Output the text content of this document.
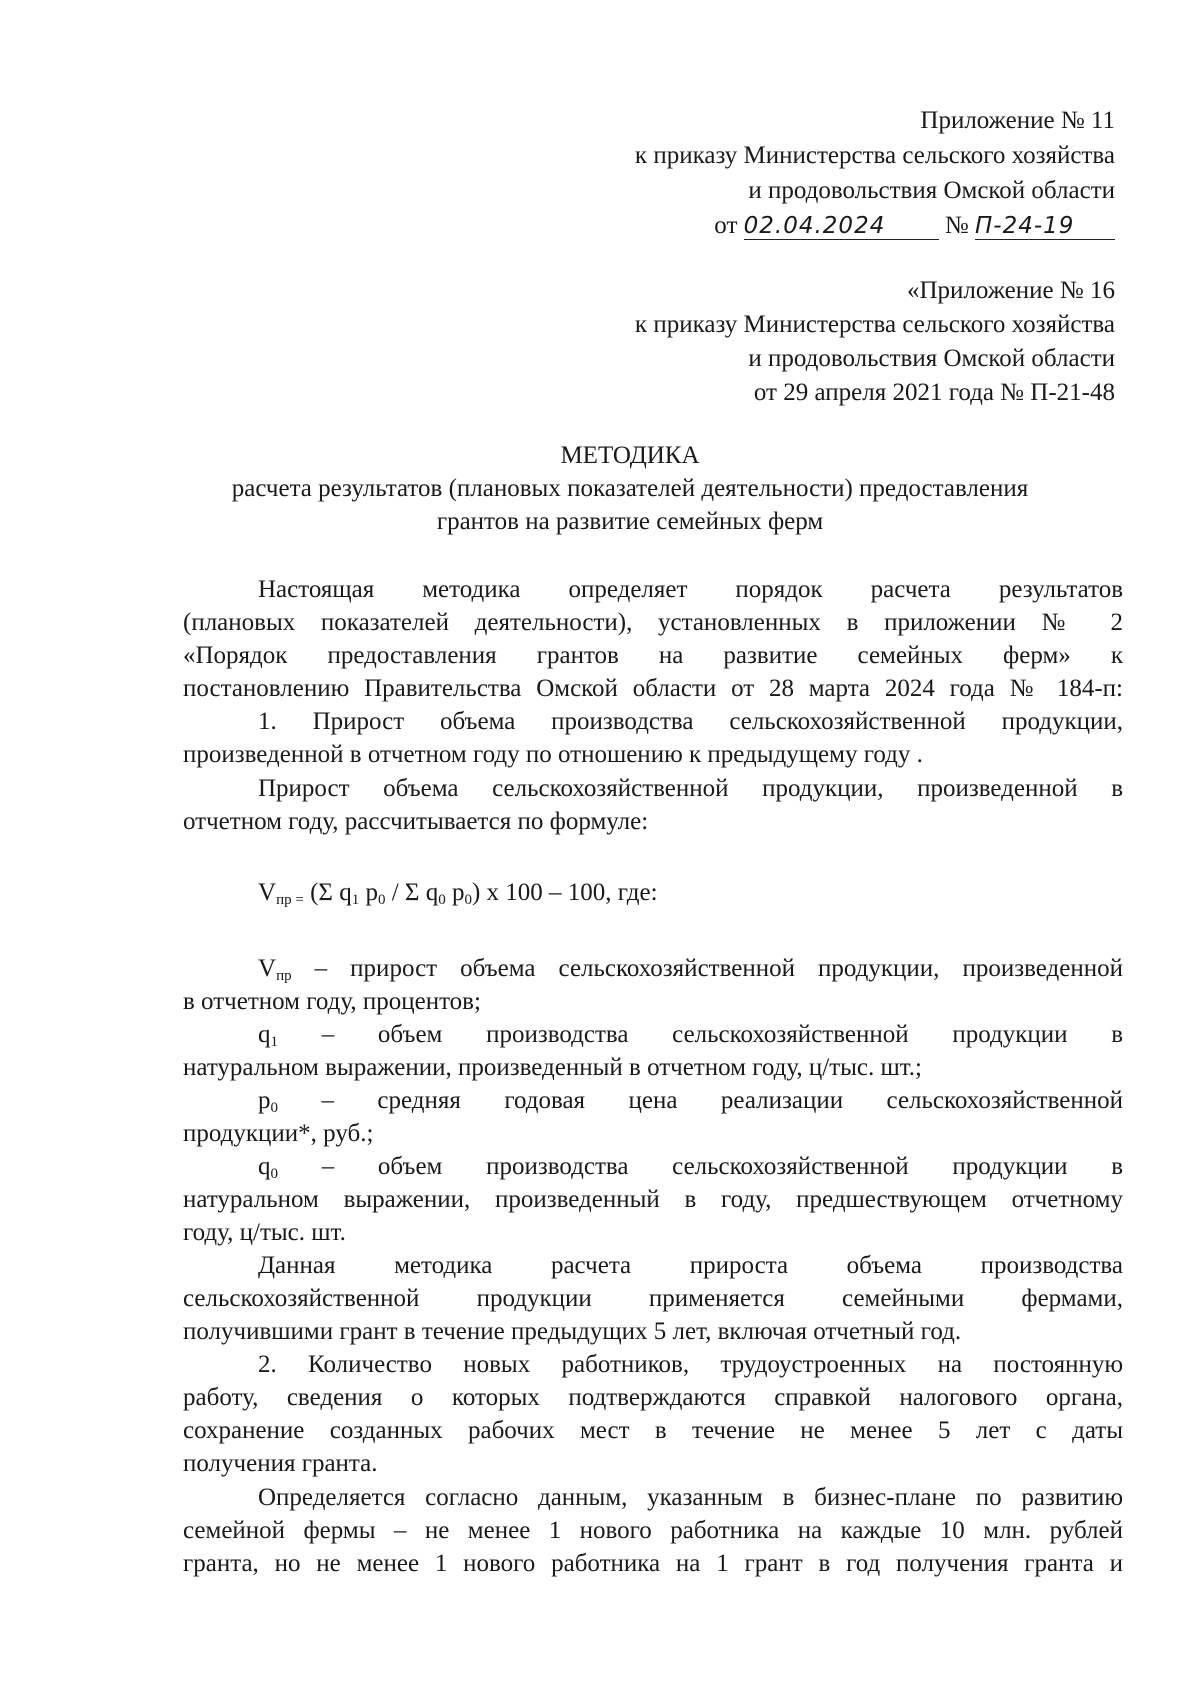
Приложение № 11
к приказу Министерства сельского хозяйства
и продовольствия Омской области
от 02.04.2024 № П-24-19
«Приложение № 16
к приказу Министерства сельского хозяйства
и продовольствия Омской области
от 29 апреля 2021 года № П-21-48
МЕТОДИКА
расчета результатов (плановых показателей деятельности) предоставления
грантов на развитие семейных ферм
Настоящая методика определяет порядок расчета результатов
(плановых показателей деятельности), установленных в приложении № 2
«Порядок предоставления грантов на развитие семейных ферм» к
постановлению Правительства Омской области от 28 марта 2024 года № 184-п:
1. Прирост объема производства сельскохозяйственной продукции,
произведенной в отчетном году по отношению к предыдущему году .
Прирост объема сельскохозяйственной продукции, произведенной в
отчетном году, рассчитывается по формуле:
$V_{пр =}$ (Σ $q_1$ $p_0$ / Σ $q_0$ $p_0$) х 100 – 100, где:
$V_{пр}$ – прирост объема сельскохозяйственной продукции, произведенной
в отчетном году, процентов;
$q_1$ – объем производства сельскохозяйственной продукции в
натуральном выражении, произведенный в отчетном году, ц/тыс. шт.;
$p_0$ – средняя годовая цена реализации сельскохозяйственной
продукции*, руб.;
$q_0$ – объем производства сельскохозяйственной продукции в
натуральном выражении, произведенный в году, предшествующем отчетному
году, ц/тыс. шт.
Данная методика расчета прироста объема производства
сельскохозяйственной продукции применяется семейными фермами,
получившими грант в течение предыдущих 5 лет, включая отчетный год.
2. Количество новых работников, трудоустроенных на постоянную
работу, сведения о которых подтверждаются справкой налогового органа,
сохранение созданных рабочих мест в течение не менее 5 лет с даты
получения гранта.
Определяется согласно данным, указанным в бизнес-плане по развитию
семейной фермы – не менее 1 нового работника на каждые 10 млн. рублей
гранта, но не менее 1 нового работника на 1 грант в год получения гранта и
